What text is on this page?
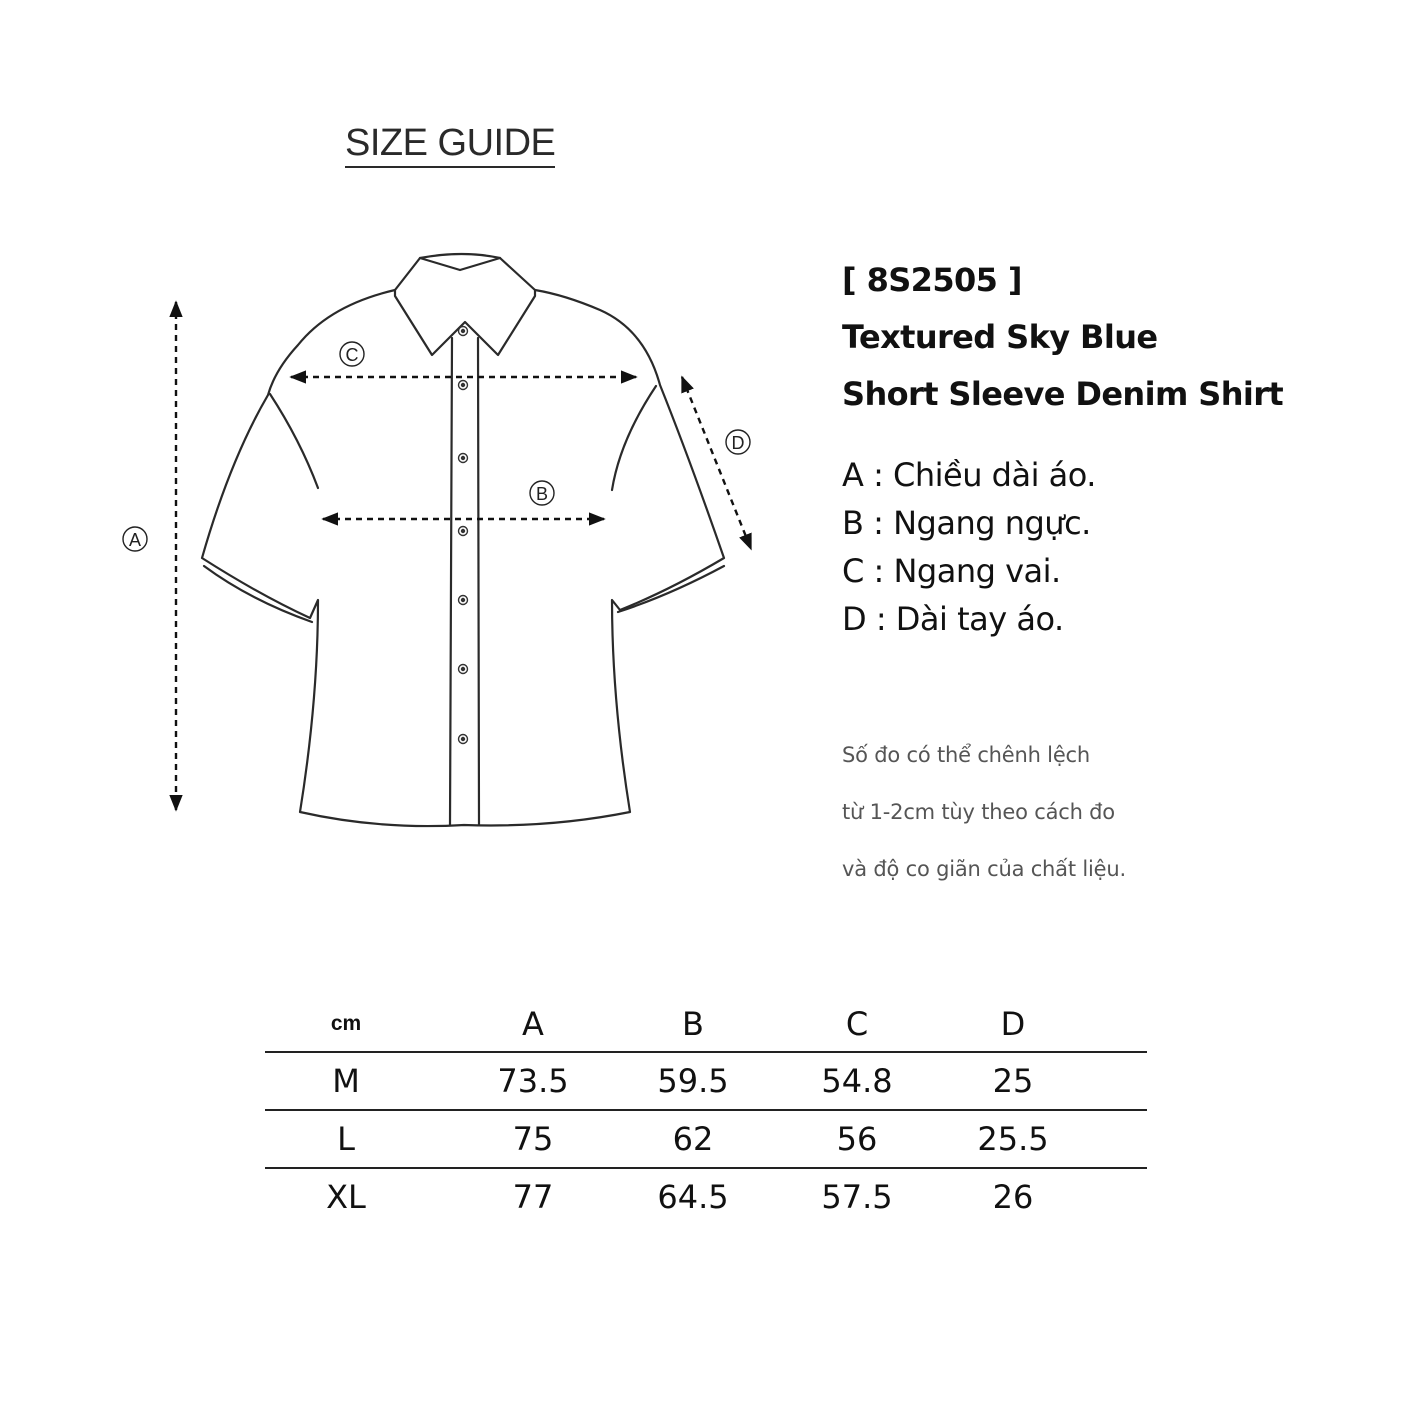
SIZE GUIDE
A
B
C
D
[ 8S2505 ]
Textured Sky Blue
Short Sleeve Denim Shirt
A : Chiều dài áo.
B : Ngang ngực.
C : Ngang vai.
D : Dài tay áo.
Số đo có thể chênh lệch
từ 1-2cm tùy theo cách đo
và độ co giãn của chất liệu.
cm	A	B	C	D	
M	73.5	59.5	54.8	25	
L	75	62	56	25.5	
XL	77	64.5	57.5	26	
